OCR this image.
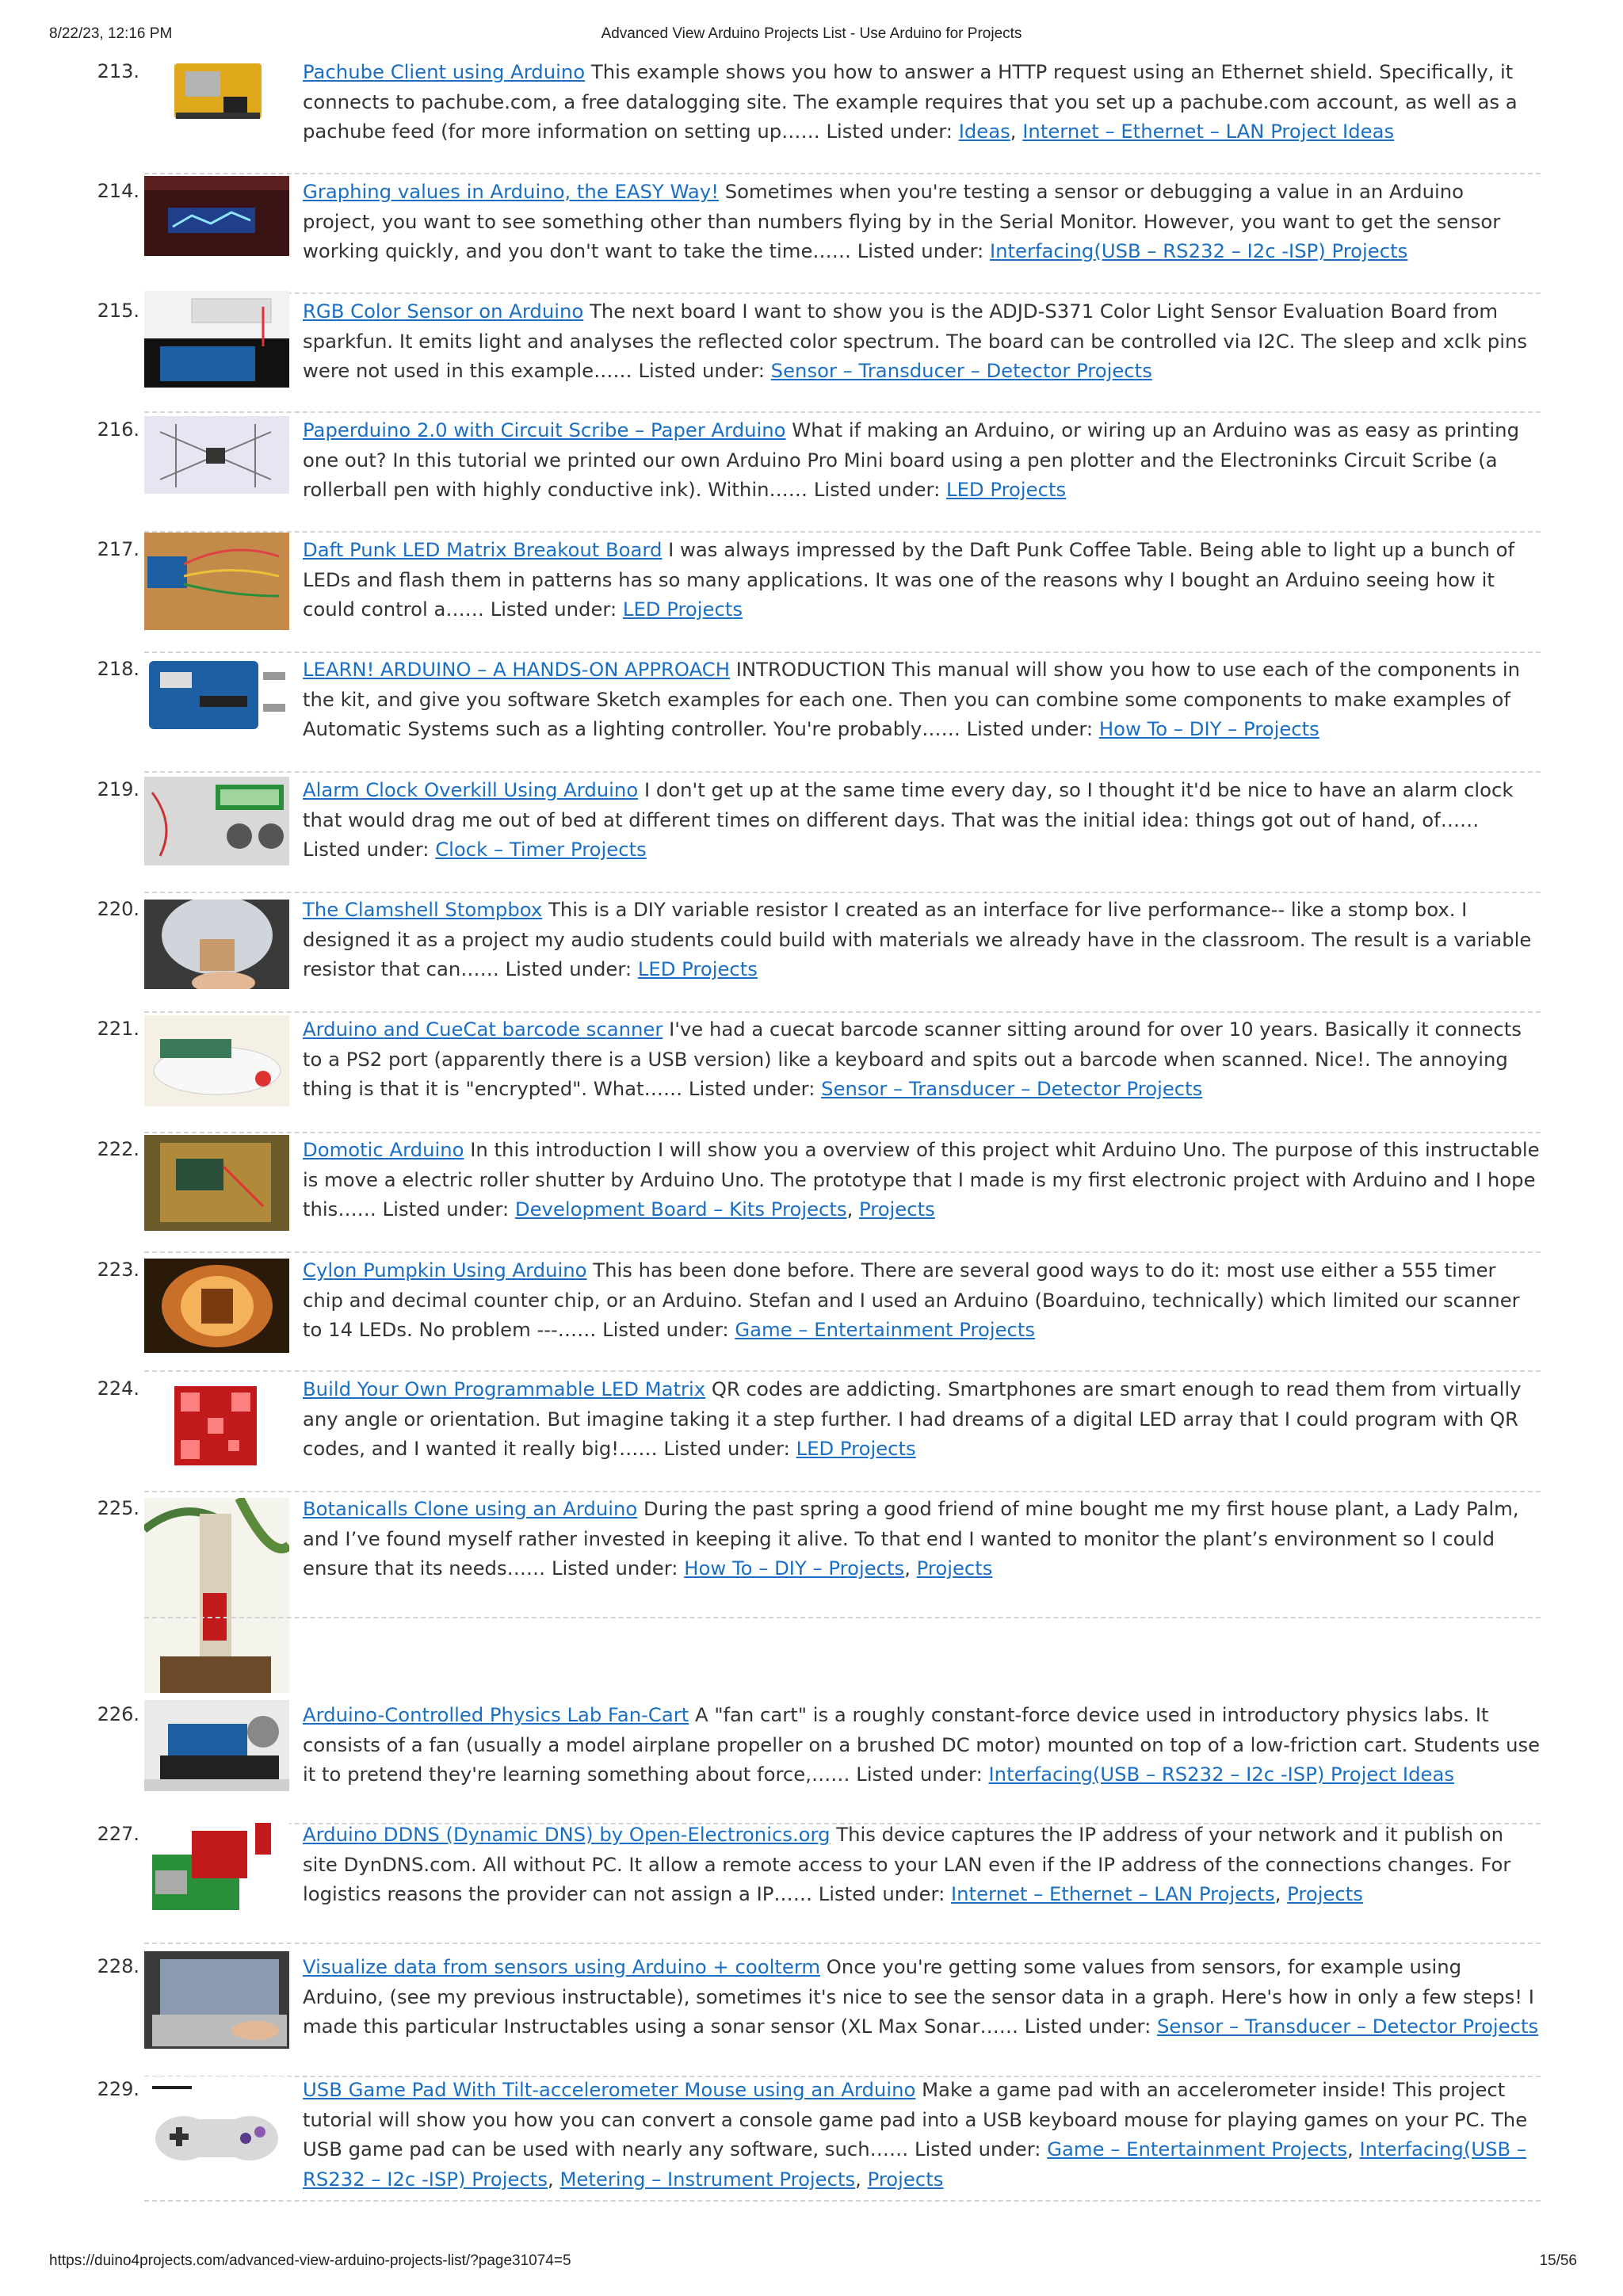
8/22/23, 12:16 PM	Advanced View Arduino Projects List - Use Arduino for Projects
213.	Pachube Client using Arduino This example shows you how to answer a HTTP request using an Ethernet shield. Specifically, it connects to pachube.com, a free datalogging site. The example requires that you set up a pachube.com account, as well as a pachube feed (for more information on setting up…… Listed under: Ideas, Internet – Ethernet – LAN Project Ideas
214.	Graphing values in Arduino, the EASY Way! Sometimes when you're testing a sensor or debugging a value in an Arduino project, you want to see something other than numbers flying by in the Serial Monitor. However, you want to get the sensor working quickly, and you don't want to take the time…… Listed under: Interfacing(USB – RS232 – I2c -ISP) Projects
215.	RGB Color Sensor on Arduino The next board I want to show you is the ADJD-S371 Color Light Sensor Evaluation Board from sparkfun. It emits light and analyses the reflected color spectrum. The board can be controlled via I2C. The sleep and xclk pins were not used in this example…… Listed under: Sensor – Transducer – Detector Projects
216.	Paperduino 2.0 with Circuit Scribe – Paper Arduino What if making an Arduino, or wiring up an Arduino was as easy as printing one out? In this tutorial we printed our own Arduino Pro Mini board using a pen plotter and the Electroninks Circuit Scribe (a rollerball pen with highly conductive ink). Within…… Listed under: LED Projects
217.	Daft Punk LED Matrix Breakout Board I was always impressed by the Daft Punk Coffee Table. Being able to light up a bunch of LEDs and flash them in patterns has so many applications. It was one of the reasons why I bought an Arduino seeing how it could control a…… Listed under: LED Projects
218.	LEARN! ARDUINO – A HANDS-ON APPROACH INTRODUCTION This manual will show you how to use each of the components in the kit, and give you software Sketch examples for each one. Then you can combine some components to make examples of Automatic Systems such as a lighting controller. You're probably…… Listed under: How To – DIY – Projects
219.	Alarm Clock Overkill Using Arduino I don't get up at the same time every day, so I thought it'd be nice to have an alarm clock that would drag me out of bed at different times on different days. That was the initial idea: things got out of hand, of…… Listed under: Clock – Timer Projects
220.	The Clamshell Stompbox This is a DIY variable resistor I created as an interface for live performance-- like a stomp box. I designed it as a project my audio students could build with materials we already have in the classroom. The result is a variable resistor that can…… Listed under: LED Projects
221.	Arduino and CueCat barcode scanner I've had a cuecat barcode scanner sitting around for over 10 years. Basically it connects to a PS2 port (apparently there is a USB version) like a keyboard and spits out a barcode when scanned. Nice!. The annoying thing is that it is "encrypted". What…… Listed under: Sensor – Transducer – Detector Projects
222.	Domotic Arduino In this introduction I will show you a overview of this project whit Arduino Uno. The purpose of this instructable is move a electric roller shutter by Arduino Uno. The prototype that I made is my first electronic project with Arduino and I hope this…… Listed under: Development Board – Kits Projects, Projects
223.	Cylon Pumpkin Using Arduino This has been done before. There are several good ways to do it: most use either a 555 timer chip and decimal counter chip, or an Arduino. Stefan and I used an Arduino (Boarduino, technically) which limited our scanner to 14 LEDs. No problem ---…… Listed under: Game – Entertainment Projects
224.	Build Your Own Programmable LED Matrix QR codes are addicting. Smartphones are smart enough to read them from virtually any angle or orientation. But imagine taking it a step further. I had dreams of a digital LED array that I could program with QR codes, and I wanted it really big!…… Listed under: LED Projects
225.	Botanicalls Clone using an Arduino During the past spring a good friend of mine bought me my first house plant, a Lady Palm, and I’ve found myself rather invested in keeping it alive. To that end I wanted to monitor the plant’s environment so I could ensure that its needs…… Listed under: How To – DIY – Projects, Projects
226.	Arduino-Controlled Physics Lab Fan-Cart A "fan cart" is a roughly constant-force device used in introductory physics labs. It consists of a fan (usually a model airplane propeller on a brushed DC motor) mounted on top of a low-friction cart. Students use it to pretend they're learning something about force,…… Listed under: Interfacing(USB – RS232 – I2c -ISP) Project Ideas
227.	Arduino DDNS (Dynamic DNS) by Open-Electronics.org This device captures the IP address of your network and it publish on site DynDNS.com. All without PC. It allow a remote access to your LAN even if the IP address of the connections changes. For logistics reasons the provider can not assign a IP…… Listed under: Internet – Ethernet – LAN Projects, Projects
228.	Visualize data from sensors using Arduino + coolterm Once you're getting some values from sensors, for example using Arduino, (see my previous instructable), sometimes it's nice to see the sensor data in a graph. Here's how in only a few steps! I made this particular Instructables using a sonar sensor (XL Max Sonar…… Listed under: Sensor – Transducer – Detector Projects
229.	USB Game Pad With Tilt-accelerometer Mouse using an Arduino Make a game pad with an accelerometer inside! This project tutorial will show you how you can convert a console game pad into a USB keyboard mouse for playing games on your PC. The USB game pad can be used with nearly any software, such…… Listed under: Game – Entertainment Projects, Interfacing(USB – RS232 – I2c -ISP) Projects, Metering – Instrument Projects, Projects
https://duino4projects.com/advanced-view-arduino-projects-list/?page31074=5	15/56
